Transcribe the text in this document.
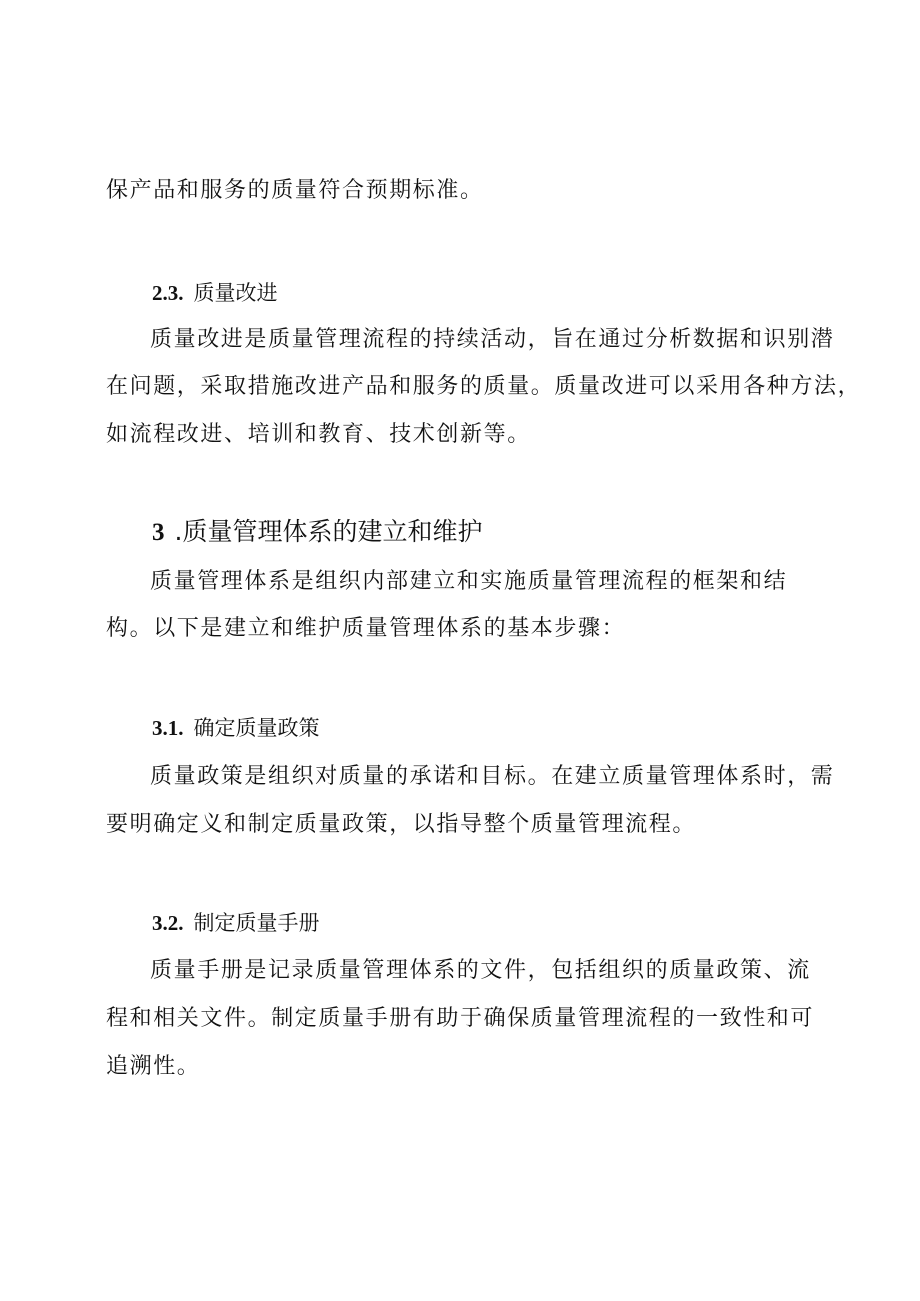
保产品和服务的质量符合预期标准。
2.3. 质量改进
质量改进是质量管理流程的持续活动，旨在通过分析数据和识别潜
在问题，采取措施改进产品和服务的质量。质量改进可以采用各种方法，
如流程改进、培训和教育、技术创新等。
3 .质量管理体系的建立和维护
质量管理体系是组织内部建立和实施质量管理流程的框架和结
构。以下是建立和维护质量管理体系的基本步骤：
3.1. 确定质量政策
质量政策是组织对质量的承诺和目标。在建立质量管理体系时，需
要明确定义和制定质量政策，以指导整个质量管理流程。
3.2. 制定质量手册
质量手册是记录质量管理体系的文件，包括组织的质量政策、流
程和相关文件。制定质量手册有助于确保质量管理流程的一致性和可
追溯性。
